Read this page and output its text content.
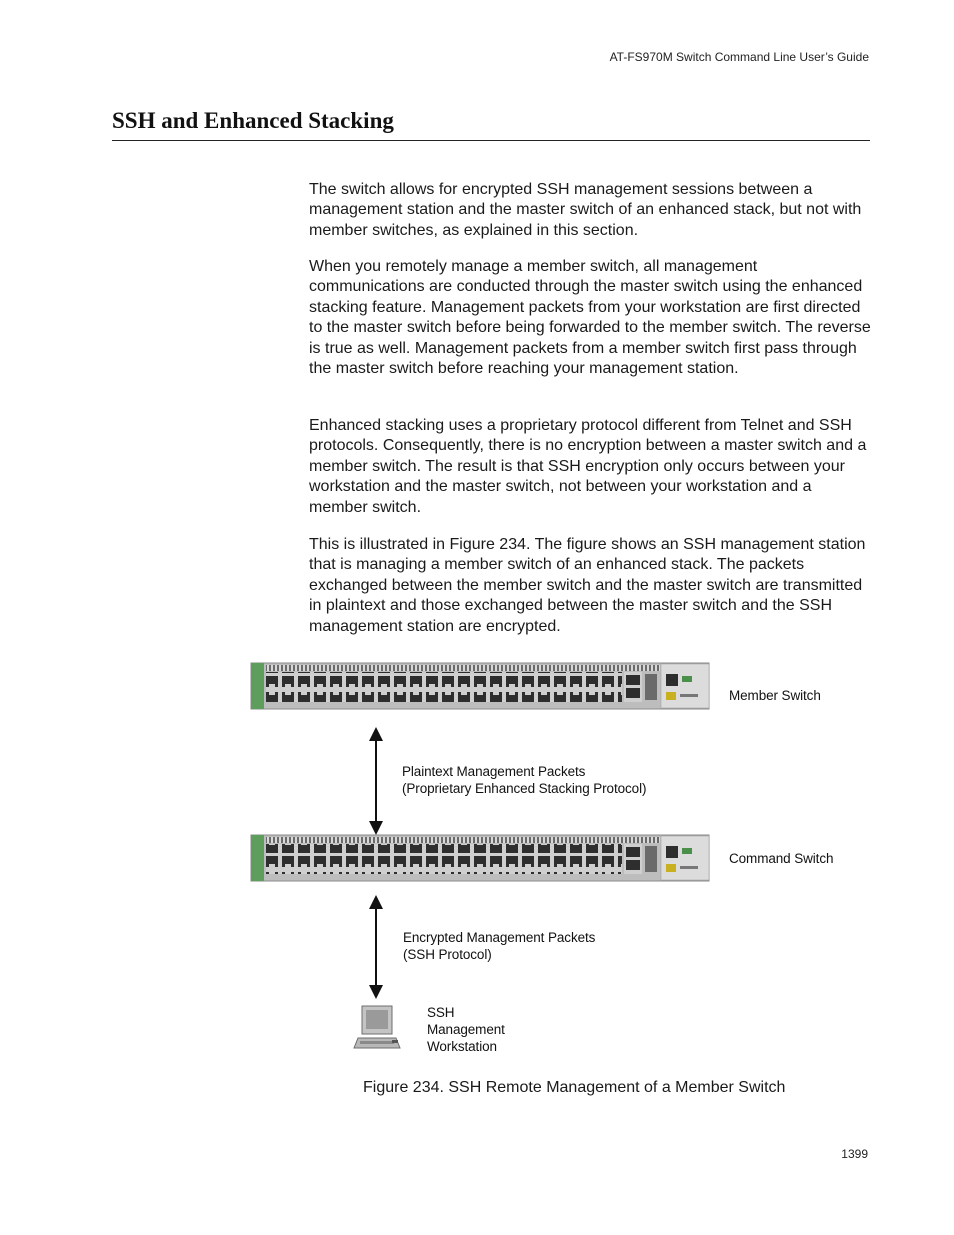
AT-FS970M Switch Command Line User’s Guide
SSH and Enhanced Stacking

The switch allows for encrypted SSH management sessions between a management station and the master switch of an enhanced stack, but not with member switches, as explained in this section.

When you remotely manage a member switch, all management communications are conducted through the master switch using the enhanced stacking feature. Management packets from your workstation are first directed to the master switch before being forwarded to the member switch. The reverse is true as well. Management packets from a member switch first pass through the master switch before reaching your management station.

Enhanced stacking uses a proprietary protocol different from Telnet and SSH protocols. Consequently, there is no encryption between a master switch and a member switch. The result is that SSH encryption only occurs between your workstation and the master switch, not between your workstation and a member switch.

This is illustrated in Figure 234. The figure shows an SSH management station that is managing a member switch of an enhanced stack. The packets exchanged between the member switch and the master switch are transmitted in plaintext and those exchanged between the master switch and the SSH management station are encrypted.

Member Switch
Plaintext Management Packets
(Proprietary Enhanced Stacking Protocol)
Command Switch
Encrypted Management Packets
(SSH Protocol)
SSH
Management
Workstation
Figure 234. SSH Remote Management of a Member Switch
1399
